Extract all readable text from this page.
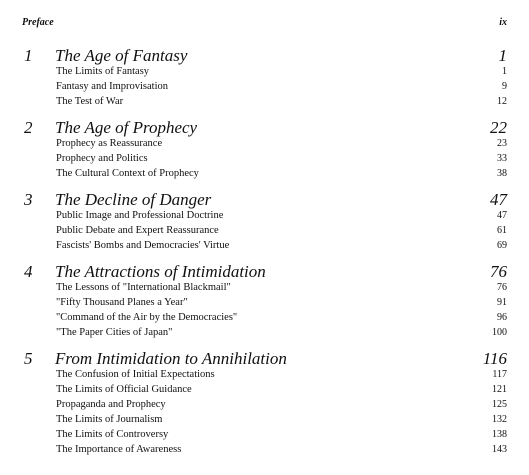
Preface	ix
1 The Age of Fantasy	1
The Limits of Fantasy	1
Fantasy and Improvisation	9
The Test of War	12
2 The Age of Prophecy	22
Prophecy as Reassurance	23
Prophecy and Politics	33
The Cultural Context of Prophecy	38
3 The Decline of Danger	47
Public Image and Professional Doctrine	47
Public Debate and Expert Reassurance	61
Fascists' Bombs and Democracies' Virtue	69
4 The Attractions of Intimidation	76
The Lessons of "International Blackmail"	76
"Fifty Thousand Planes a Year"	91
"Command of the Air by the Democracies"	96
"The Paper Cities of Japan"	100
5 From Intimidation to Annihilation	116
The Confusion of Initial Expectations	117
The Limits of Official Guidance	121
Propaganda and Prophecy	125
The Limits of Journalism	132
The Limits of Controversy	138
The Importance of Awareness	143
